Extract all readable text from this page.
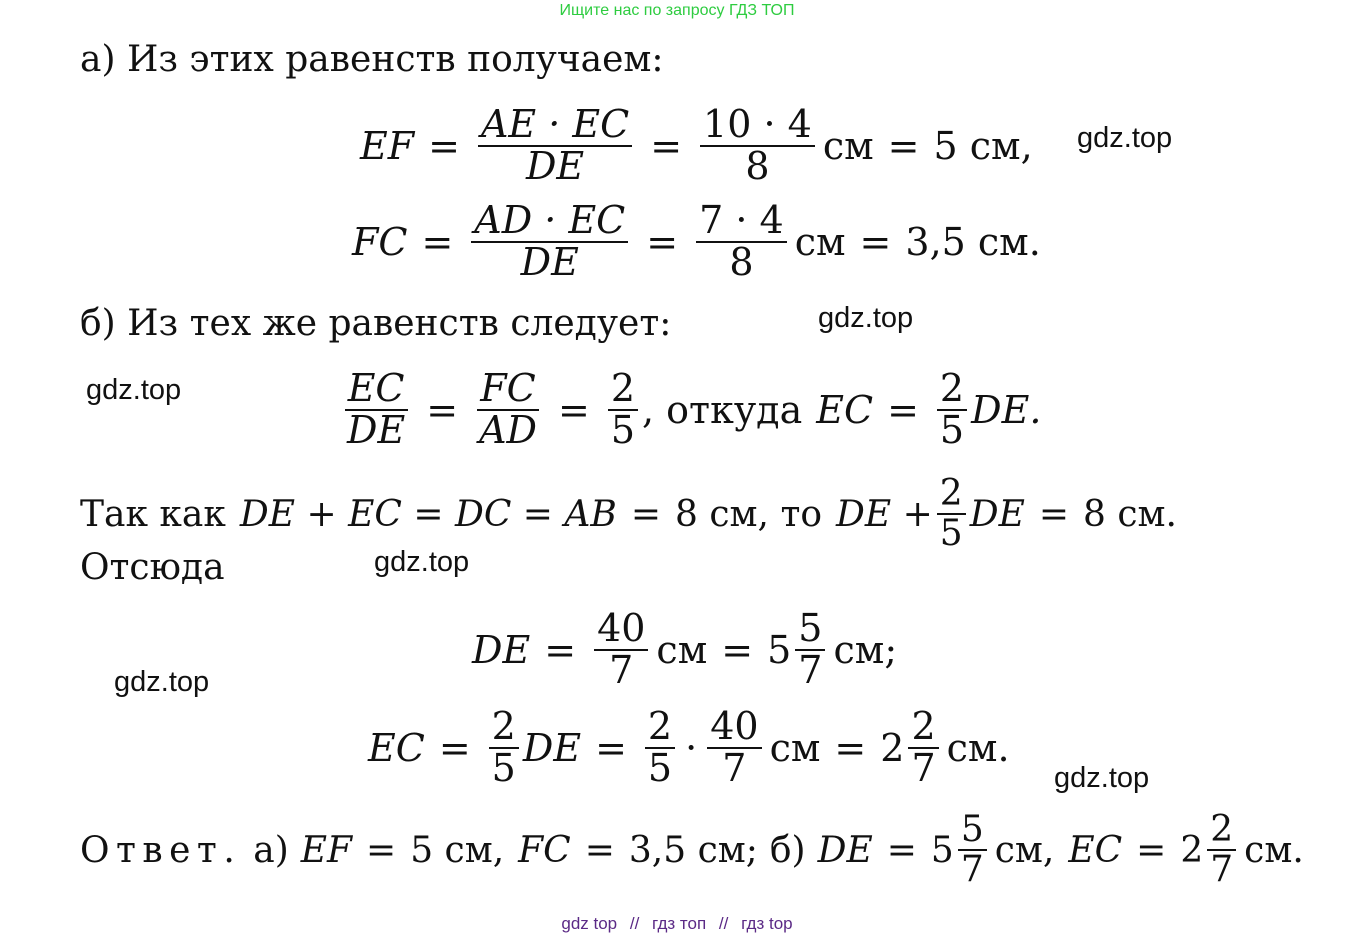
Ищите нас по запросу ГДЗ ТОП
gdz.top
gdz.top
gdz.top
gdz.top
gdz.top
gdz.top
а) Из этих равенств получаем:
EF = $\frac{AE \cdot EC}{DE} = \frac{10 \cdot 4}{8}$ см = 5 см,
FC = $\frac{AD \cdot EC}{DE} = \frac{7 \cdot 4}{8}$ см = 3,5 см.
б) Из тех же равенств следует:
$\frac{EC}{DE} = \frac{FC}{AD} = \frac{2}{5}$ , откуда EC = $\frac{2}{5}$ DE.
Так как DE + EC = DC = AB = 8 см, то DE + $\frac{2}{5}$ DE = 8 см.
Отсюда
DE = $\frac{40}{7}$ см = $5 \frac{5}{7}$ см;
EC = $\frac{2}{5}$ DE = $\frac{2}{5} \cdot \frac{40}{7}$ см = $2 \frac{2}{7}$ см.
Ответ. а) EF = 5 см, FC = 3,5 см; б) DE = $5 \frac{5}{7}$ см, EC = $2 \frac{2}{7}$ см.
gdz top // гдз топ // гдз top
